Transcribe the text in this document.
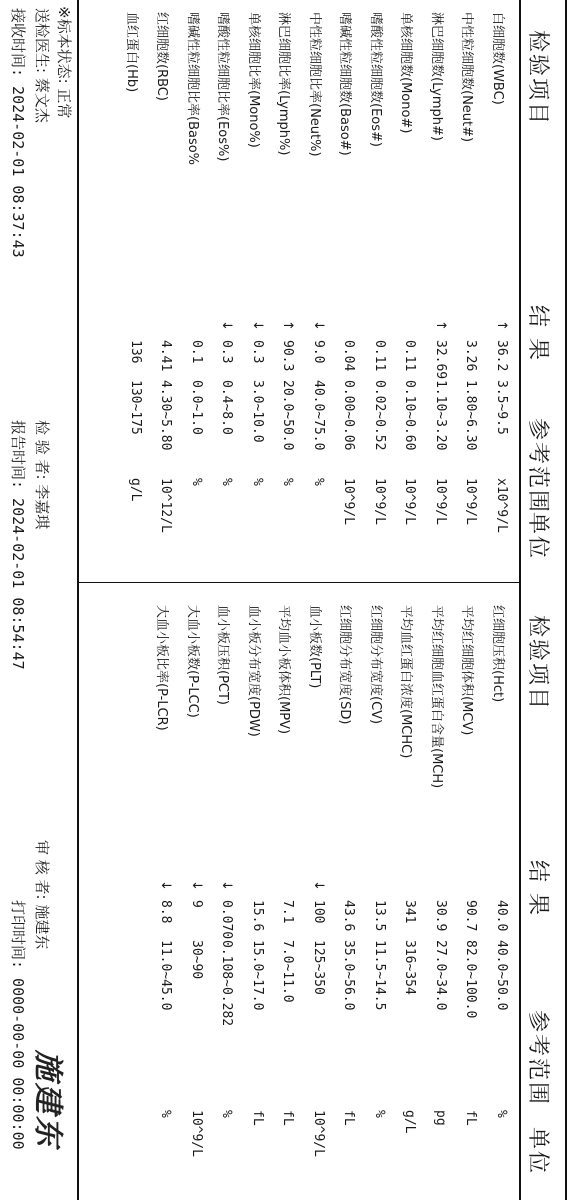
检验项目
结 果
参考范围
单位
检验项目
结 果
参考范围
单位
白细胞数(WBC)
36.2
↑
3.5~9.5
x10^9/L
中性粒细胞数(Neut#)
3.26
1.80~6.30
10^9/L
淋巴细胞数(Lymph#)
32.69
↑
1.10~3.20
10^9/L
单核细胞数(Mono#)
0.11
0.10~0.60
10^9/L
嗜酸性粒细胞数(Eos#)
0.11
0.02~0.52
10^9/L
嗜碱性粒细胞数(Baso#)
0.04
0.00~0.06
10^9/L
中性粒细胞比率(Neut%)
9.0
↓
40.0~75.0
%
淋巴细胞比率(Lymph%)
90.3
↑
20.0~50.0
%
单核细胞比率(Mono%)
0.3
↓
3.0~10.0
%
嗜酸性粒细胞比率(Eos%)
0.3
↓
0.4~8.0
%
嗜碱性粒细胞比率(Baso%
0.1
0.0~1.0
%
红细胞数(RBC)
4.41
4.30~5.80
10^12/L
血红蛋白(Hb)
136
130~175
g/L
红细胞压积(Hct)
40.0
40.0~50.0
%
平均红细胞体积(MCV)
90.7
82.0~100.0
fL
平均红细胞血红蛋白含量(MCH)
30.9
27.0~34.0
pg
平均血红蛋白浓度(MCHC)
341
316~354
g/L
红细胞分布宽度(CV)
13.5
11.5~14.5
%
红细胞分布宽度(SD)
43.6
35.0~56.0
fL
血小板数(PLT)
100
↓
125~350
10^9/L
平均血小板体积(MPV)
7.1
7.0~11.0
fL
血小板分布宽度(PDW)
15.6
15.0~17.0
fL
血小板压积(PCT)
0.070
↓
0.108~0.282
%
大血小板数(P-LCC)
9
↓
30~90
10^9/L
大血小板比率(P-LCR)
8.8
↓
11.0~45.0
%
※标本状态: 正常
送检医生: 蔡文杰
接收时间: 2024-02-01 08:37:43
检 验 者: 李嘉琪
报告时间: 2024-02-01 08:54:47
审 核 者: 施建东
打印时间: 0000-00-00 00:00:00 施建东
